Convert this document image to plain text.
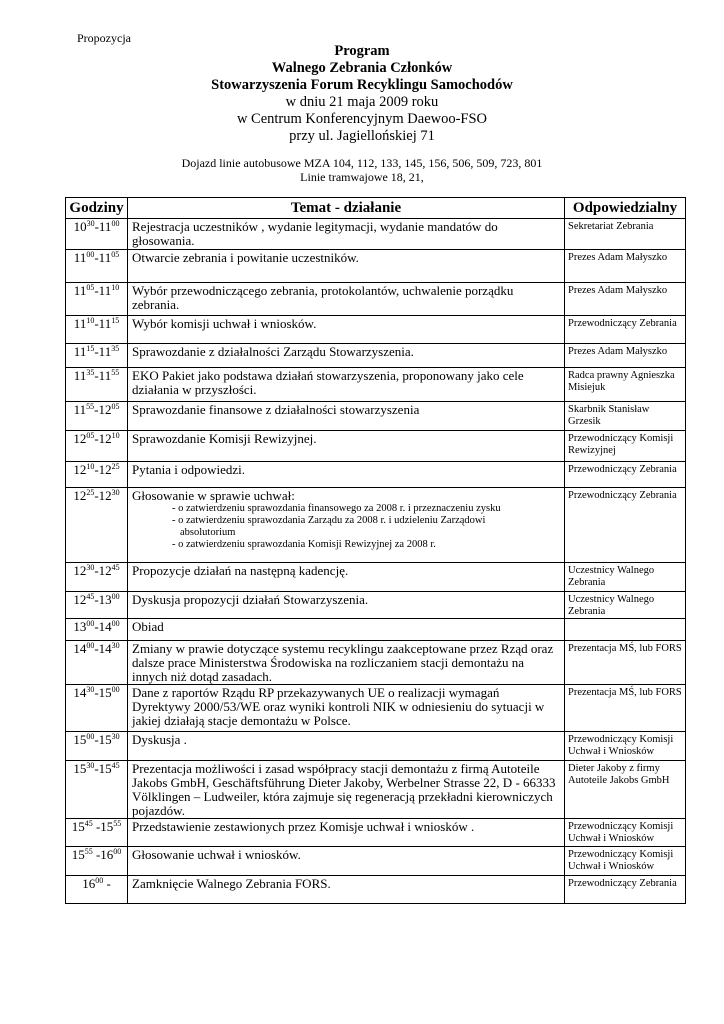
Propozycja
Program
Walnego Zebrania Członków
Stowarzyszenia Forum Recyklingu Samochodów
w dniu 21 maja 2009 roku
w Centrum Konferencyjnym Daewoo-FSO
przy ul. Jagiellońskiej 71
Dojazd linie autobusowe MZA 104, 112, 133, 145, 156, 506, 509, 723, 801
Linie tramwajowe 18, 21,
Godziny	Temat - działanie	Odpowiedzialny
$10^{30}-11^{00}$	Rejestracja uczestników , wydanie legitymacji, wydanie mandatów do głosowania.	Sekretariat Zebrania
$11^{00}-11^{05}$	Otwarcie zebrania i powitanie uczestników.	Prezes Adam Małyszko
$11^{05}-11^{10}$	Wybór przewodniczącego zebrania, protokolantów, uchwalenie porządku zebrania.	Prezes Adam Małyszko
$11^{10}-11^{15}$	Wybór komisji uchwał i wniosków.	Przewodniczący Zebrania
$11^{15}-11^{35}$	Sprawozdanie z działalności Zarządu Stowarzyszenia.	Prezes Adam Małyszko
$11^{35}-11^{55}$	EKO Pakiet jako podstawa działań stowarzyszenia, proponowany jako cele działania w przyszłości.	Radca prawny Agnieszka Misiejuk
$11^{55}-12^{05}$	Sprawozdanie finansowe z działalności stowarzyszenia	Skarbnik Stanisław Grzesik
$12^{05}-12^{10}$	Sprawozdanie Komisji Rewizyjnej.	Przewodniczący Komisji Rewizyjnej
$12^{10}-12^{25}$	Pytania i odpowiedzi.	Przewodniczący Zebrania
$12^{25}-12^{30}$	Głosowanie w sprawie uchwał:
- o zatwierdzeniu sprawozdania finansowego za 2008 r. i przeznaczeniu zysku
- o zatwierdzeniu sprawozdania Zarządu za 2008 r. i udzieleniu Zarządowi
absolutorium
- o zatwierdzeniu sprawozdania Komisji Rewizyjnej za 2008 r.	Przewodniczący Zebrania
$12^{30}-12^{45}$	Propozycje działań na następną kadencję.	Uczestnicy Walnego Zebrania
$12^{45}-13^{00}$	Dyskusja propozycji działań Stowarzyszenia.	Uczestnicy Walnego Zebrania
$13^{00}-14^{00}$	Obiad	

$14^{00}-14^{30}$	Zmiany w prawie dotyczące systemu recyklingu zaakceptowane przez Rząd oraz dalsze prace Ministerstwa Środowiska na rozliczaniem stacji demontażu na innych niż dotąd zasadach.	Prezentacja MŚ, lub FORS
$14^{30}-15^{00}$	Dane z raportów Rządu RP przekazywanych UE o realizacji wymagań Dyrektywy 2000/53/WE oraz wyniki kontroli NIK w odniesieniu do sytuacji w jakiej działają stacje demontażu w Polsce.	Prezentacja MŚ, lub FORS
$15^{00}-15^{30}$	Dyskusja .	Przewodniczący Komisji Uchwał i Wniosków
$15^{30}-15^{45}$	Prezentacja możliwości i zasad współpracy stacji demontażu z firmą Autoteile Jakobs GmbH, Geschäftsführung Dieter Jakoby, Werbelner Strasse 22, D - 66333 Völklingen – Ludweiler, która zajmuje się regeneracją przekładni kierowniczych pojazdów.	Dieter Jakoby z firmy Autoteile Jakobs GmbH
$15^{45}$ $-15^{55}$	Przedstawienie zestawionych przez Komisje uchwał i wniosków .	Przewodniczący Komisji Uchwał i Wniosków
$15^{55}$ $-16^{00}$	Głosowanie uchwał i wniosków.	Przewodniczący Komisji Uchwał i Wniosków
$16^{00}$ -	Zamknięcie Walnego Zebrania FORS.	Przewodniczący Zebrania
